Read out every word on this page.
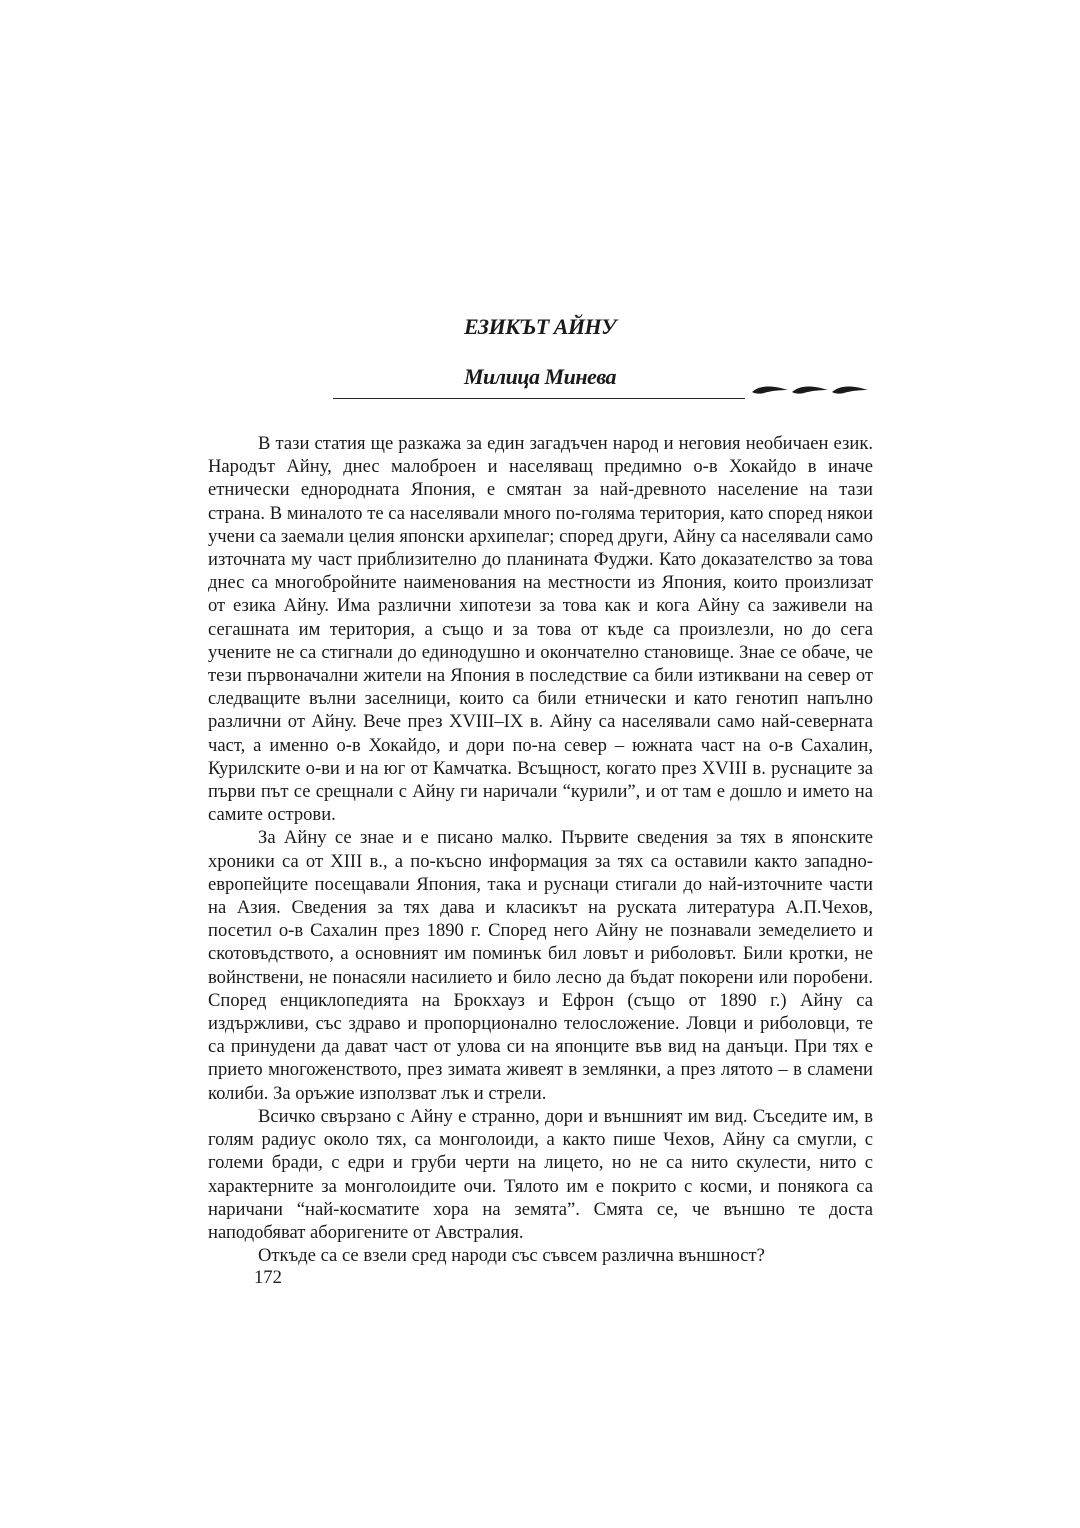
ЕЗИКЪТ АЙНУ
Милица Минева

В тази статия ще разкажа за един загадъчен народ и неговия необичаен език. Народът Айну, днес малоброен и населяващ предимно о-в Хокайдо в иначе етнически еднородната Япония, е смятан за най-древното население на тази страна. В миналото те са населявали много по-голяма територия, като според някои учени са заемали целия японски архипелаг; според други, Айну са населявали само източната му част приблизително до планината Фуджи. Като доказателство за това днес са многобройните наименования на местности из Япония, които произлизат от езика Айну. Има различни хипотези за това как и кога Айну са заживели на сегашната им територия, а също и за това от къде са произлезли, но до сега учените не са стигнали до единодушно и окончателно становище. Знае се обаче, че тези първоначални жители на Япония в последствие са били изтиквани на север от следващите вълни заселници, които са били етнически и като генотип напълно различни от Айну. Вече през XVIII–IX в. Айну са населявали само най-северната част, а именно о-в Хокайдо, и дори по-на север – южната част на о-в Сахалин, Курилските о-ви и на юг от Камчатка. Всъщност, когато през XVIII в. руснаците за първи път се срещнали с Айну ги наричали “курили”, и от там е дошло и името на самите острови.

За Айну се знае и е писано малко. Първите сведения за тях в японските хроники са от XIII в., а по-късно информация за тях са оставили както западно-европейците посещавали Япония, така и руснаци стигали до най-източните части на Азия. Сведения за тях дава и класикът на руската литература А.П.Чехов, посетил о-в Сахалин през 1890 г. Според него Айну не познавали земеделието и скотовъдството, а основният им поминък бил ловът и риболовът. Били кротки, не войнствени, не понасяли насилието и било лесно да бъдат покорени или поробени. Според енциклопедията на Брокхауз и Ефрон (също от 1890 г.) Айну са издържливи, със здраво и пропорционално телосложение. Ловци и риболовци, те са принудени да дават част от улова си на японците във вид на данъци. При тях е прието многоженството, през зимата живеят в землянки, а през лятото – в сламени колиби. За оръжие използват лък и стрели.

Всичко свързано с Айну е странно, дори и външният им вид. Съседите им, в голям радиус около тях, са монголоиди, а както пише Чехов, Айну са смугли, с големи бради, с едри и груби черти на лицето, но не са нито скулести, нито с характерните за монголоидите очи. Тялото им е покрито с косми, и понякога са наричани “най-косматите хора на земята”. Смята се, че външно те доста наподобяват аборигените от Австралия.

Откъде са се взели сред народи със съвсем различна външност?

172
